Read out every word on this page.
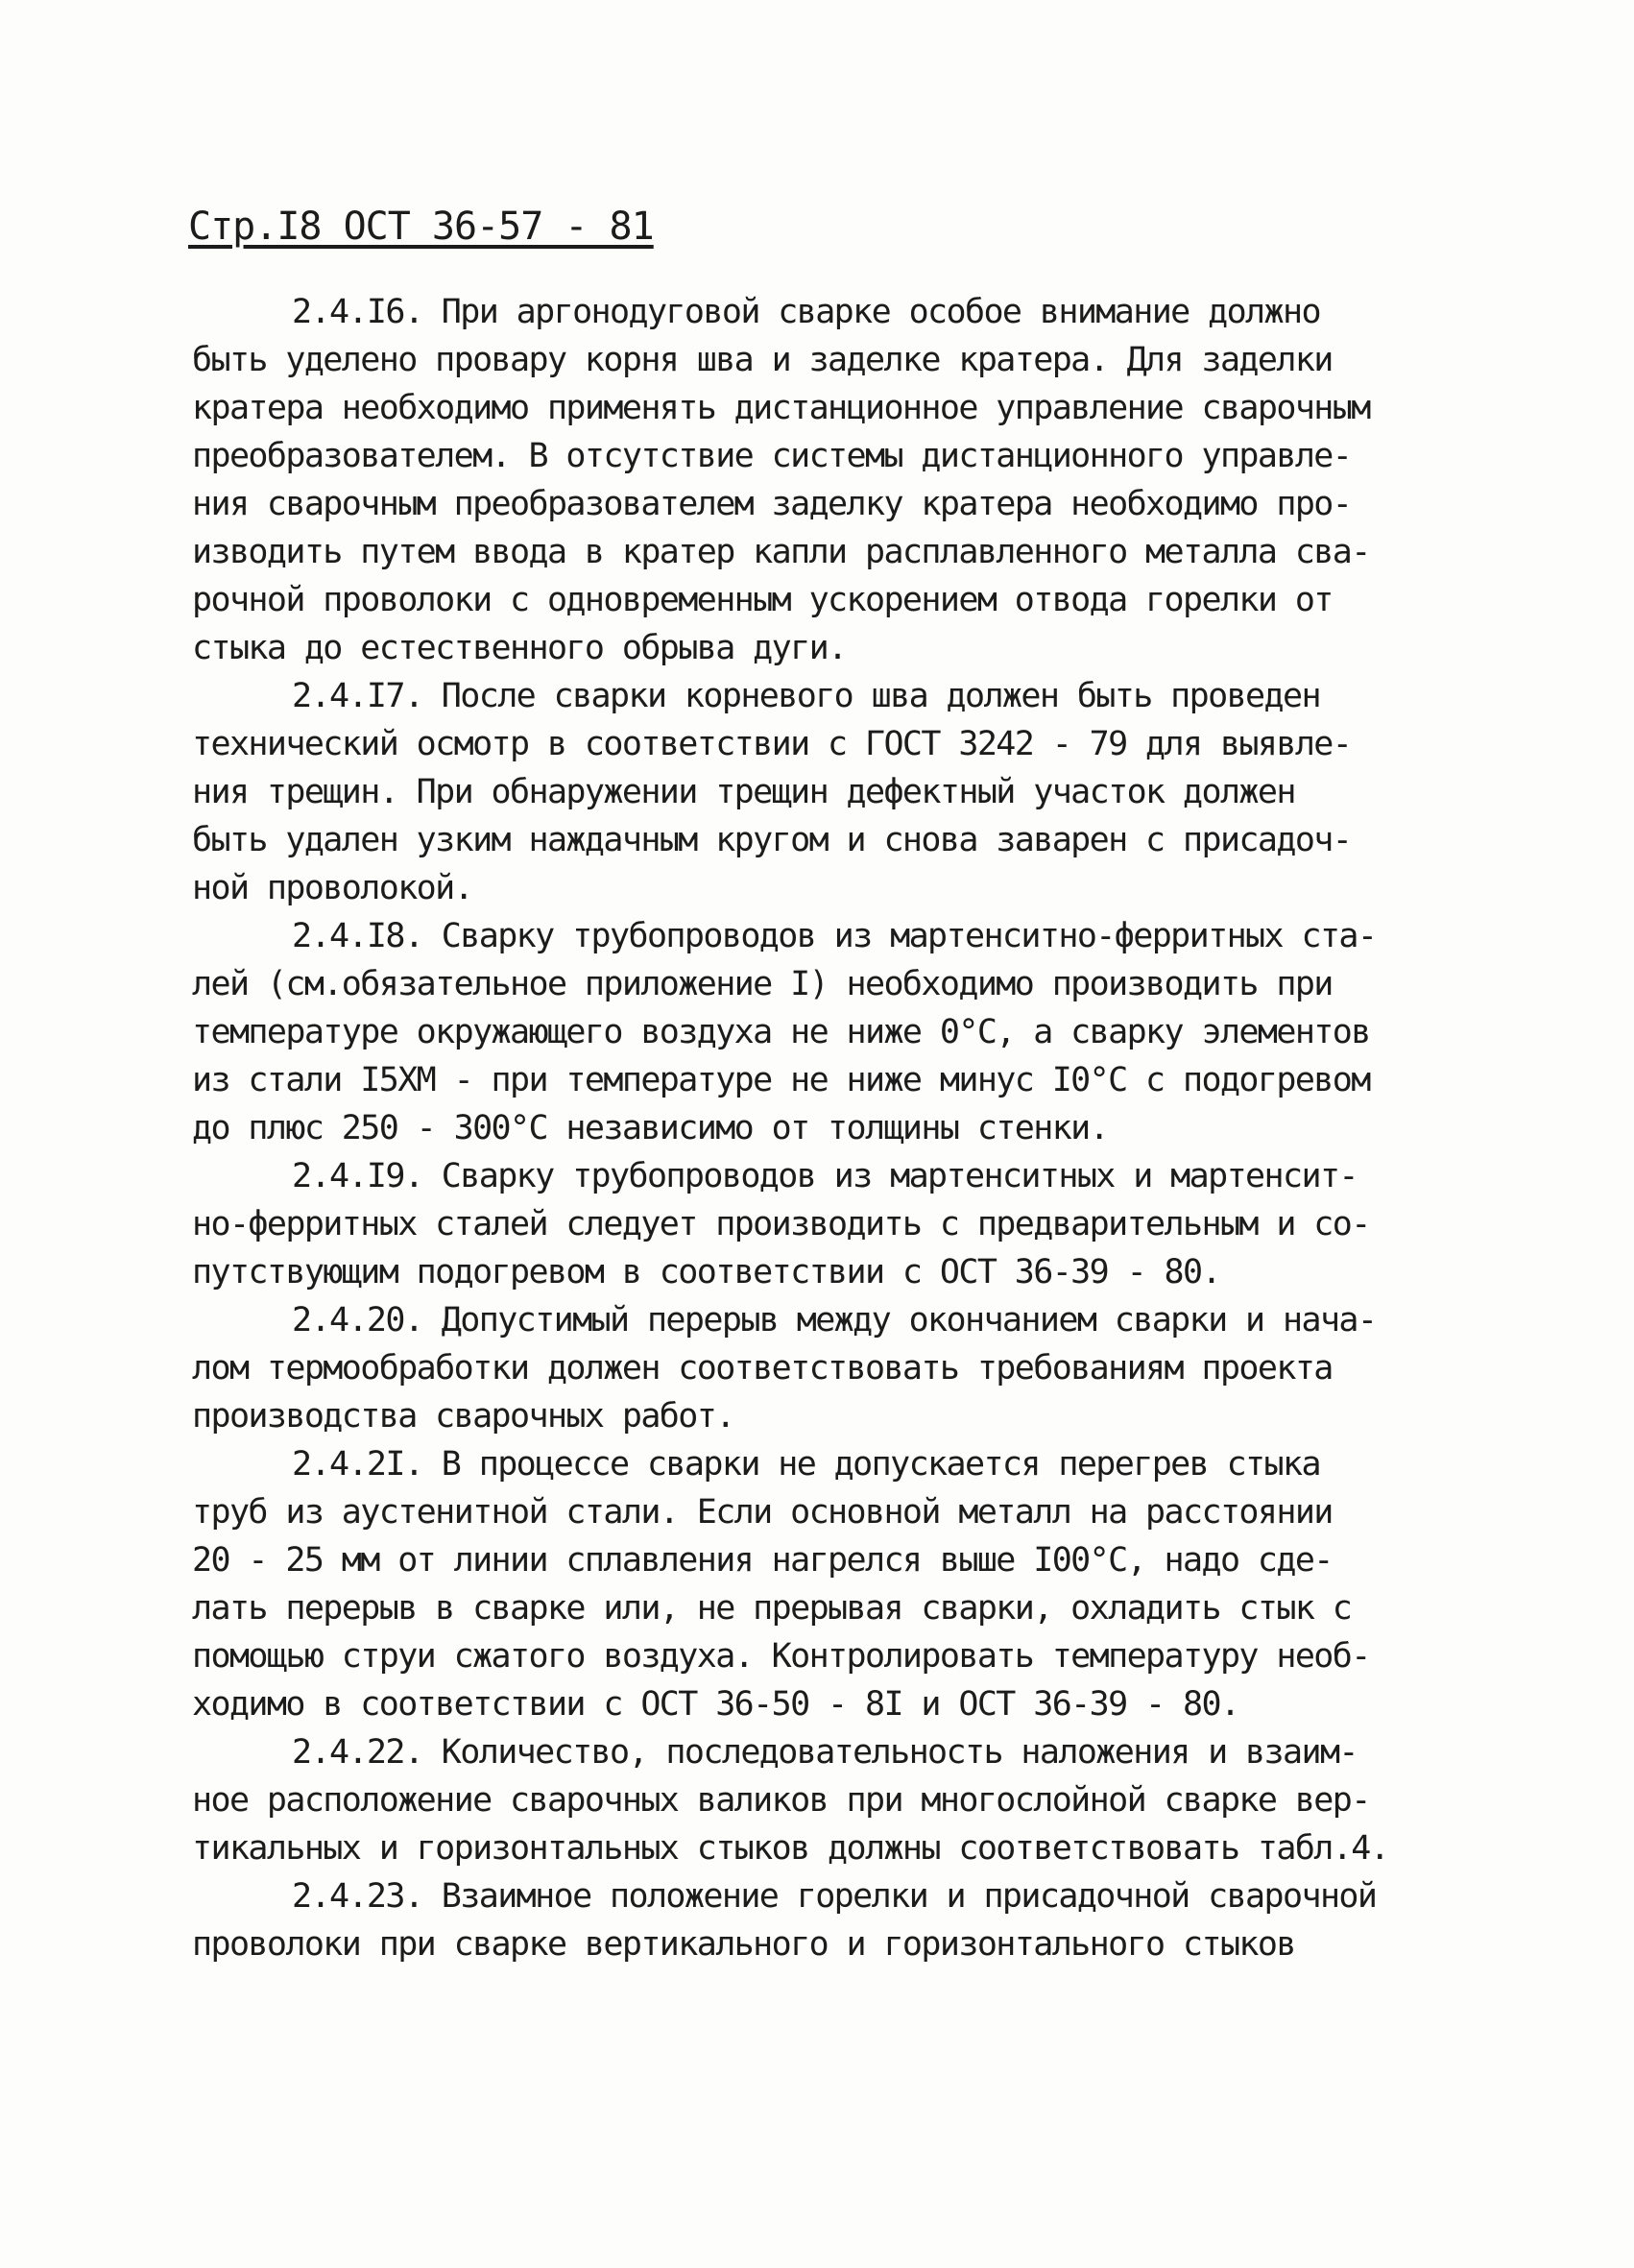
Стр.I8 ОСТ 36-57 - 81
2.4.I6. При аргонодуговой сварке особое внимание должно
быть уделено провару корня шва и заделке кратера. Для заделки
кратера необходимо применять дистанционное управление сварочным
преобразователем. В отсутствие системы дистанционного управле-
ния сварочным преобразователем заделку кратера необходимо про-
изводить путем ввода в кратер капли расплавленного металла сва-
рочной проволоки с одновременным ускорением отвода горелки от
стыка до естественного обрыва дуги.
2.4.I7. После сварки корневого шва должен быть проведен
технический осмотр в соответствии с ГОСТ 3242 - 79 для выявле-
ния трещин. При обнаружении трещин дефектный участок должен
быть удален узким наждачным кругом и снова заварен с присадоч-
ной проволокой.
2.4.I8. Сварку трубопроводов из мартенситно-ферритных ста-
лей (см.обязательное приложение I) необходимо производить при
температуре окружающего воздуха не ниже 0°С, а сварку элементов
из стали I5ХМ - при температуре не ниже минус I0°С с подогревом
до плюс 250 - 300°С независимо от толщины стенки.
2.4.I9. Сварку трубопроводов из мартенситных и мартенсит-
но-ферритных сталей следует производить с предварительным и со-
путствующим подогревом в соответствии с ОСТ 36-39 - 80.
2.4.20. Допустимый перерыв между окончанием сварки и нача-
лом термообработки должен соответствовать требованиям проекта
производства сварочных работ.
2.4.2I. В процессе сварки не допускается перегрев стыка
труб из аустенитной стали. Если основной металл на расстоянии
20 - 25 мм от линии сплавления нагрелся выше I00°С, надо сде-
лать перерыв в сварке или, не прерывая сварки, охладить стык с
помощью струи сжатого воздуха. Контролировать температуру необ-
ходимо в соответствии с ОСТ 36-50 - 8I и ОСТ 36-39 - 80.
2.4.22. Количество, последовательность наложения и взаим-
ное расположение сварочных валиков при многослойной сварке вер-
тикальных и горизонтальных стыков должны соответствовать табл.4.
2.4.23. Взаимное положение горелки и присадочной сварочной
проволоки при сварке вертикального и горизонтального стыков
